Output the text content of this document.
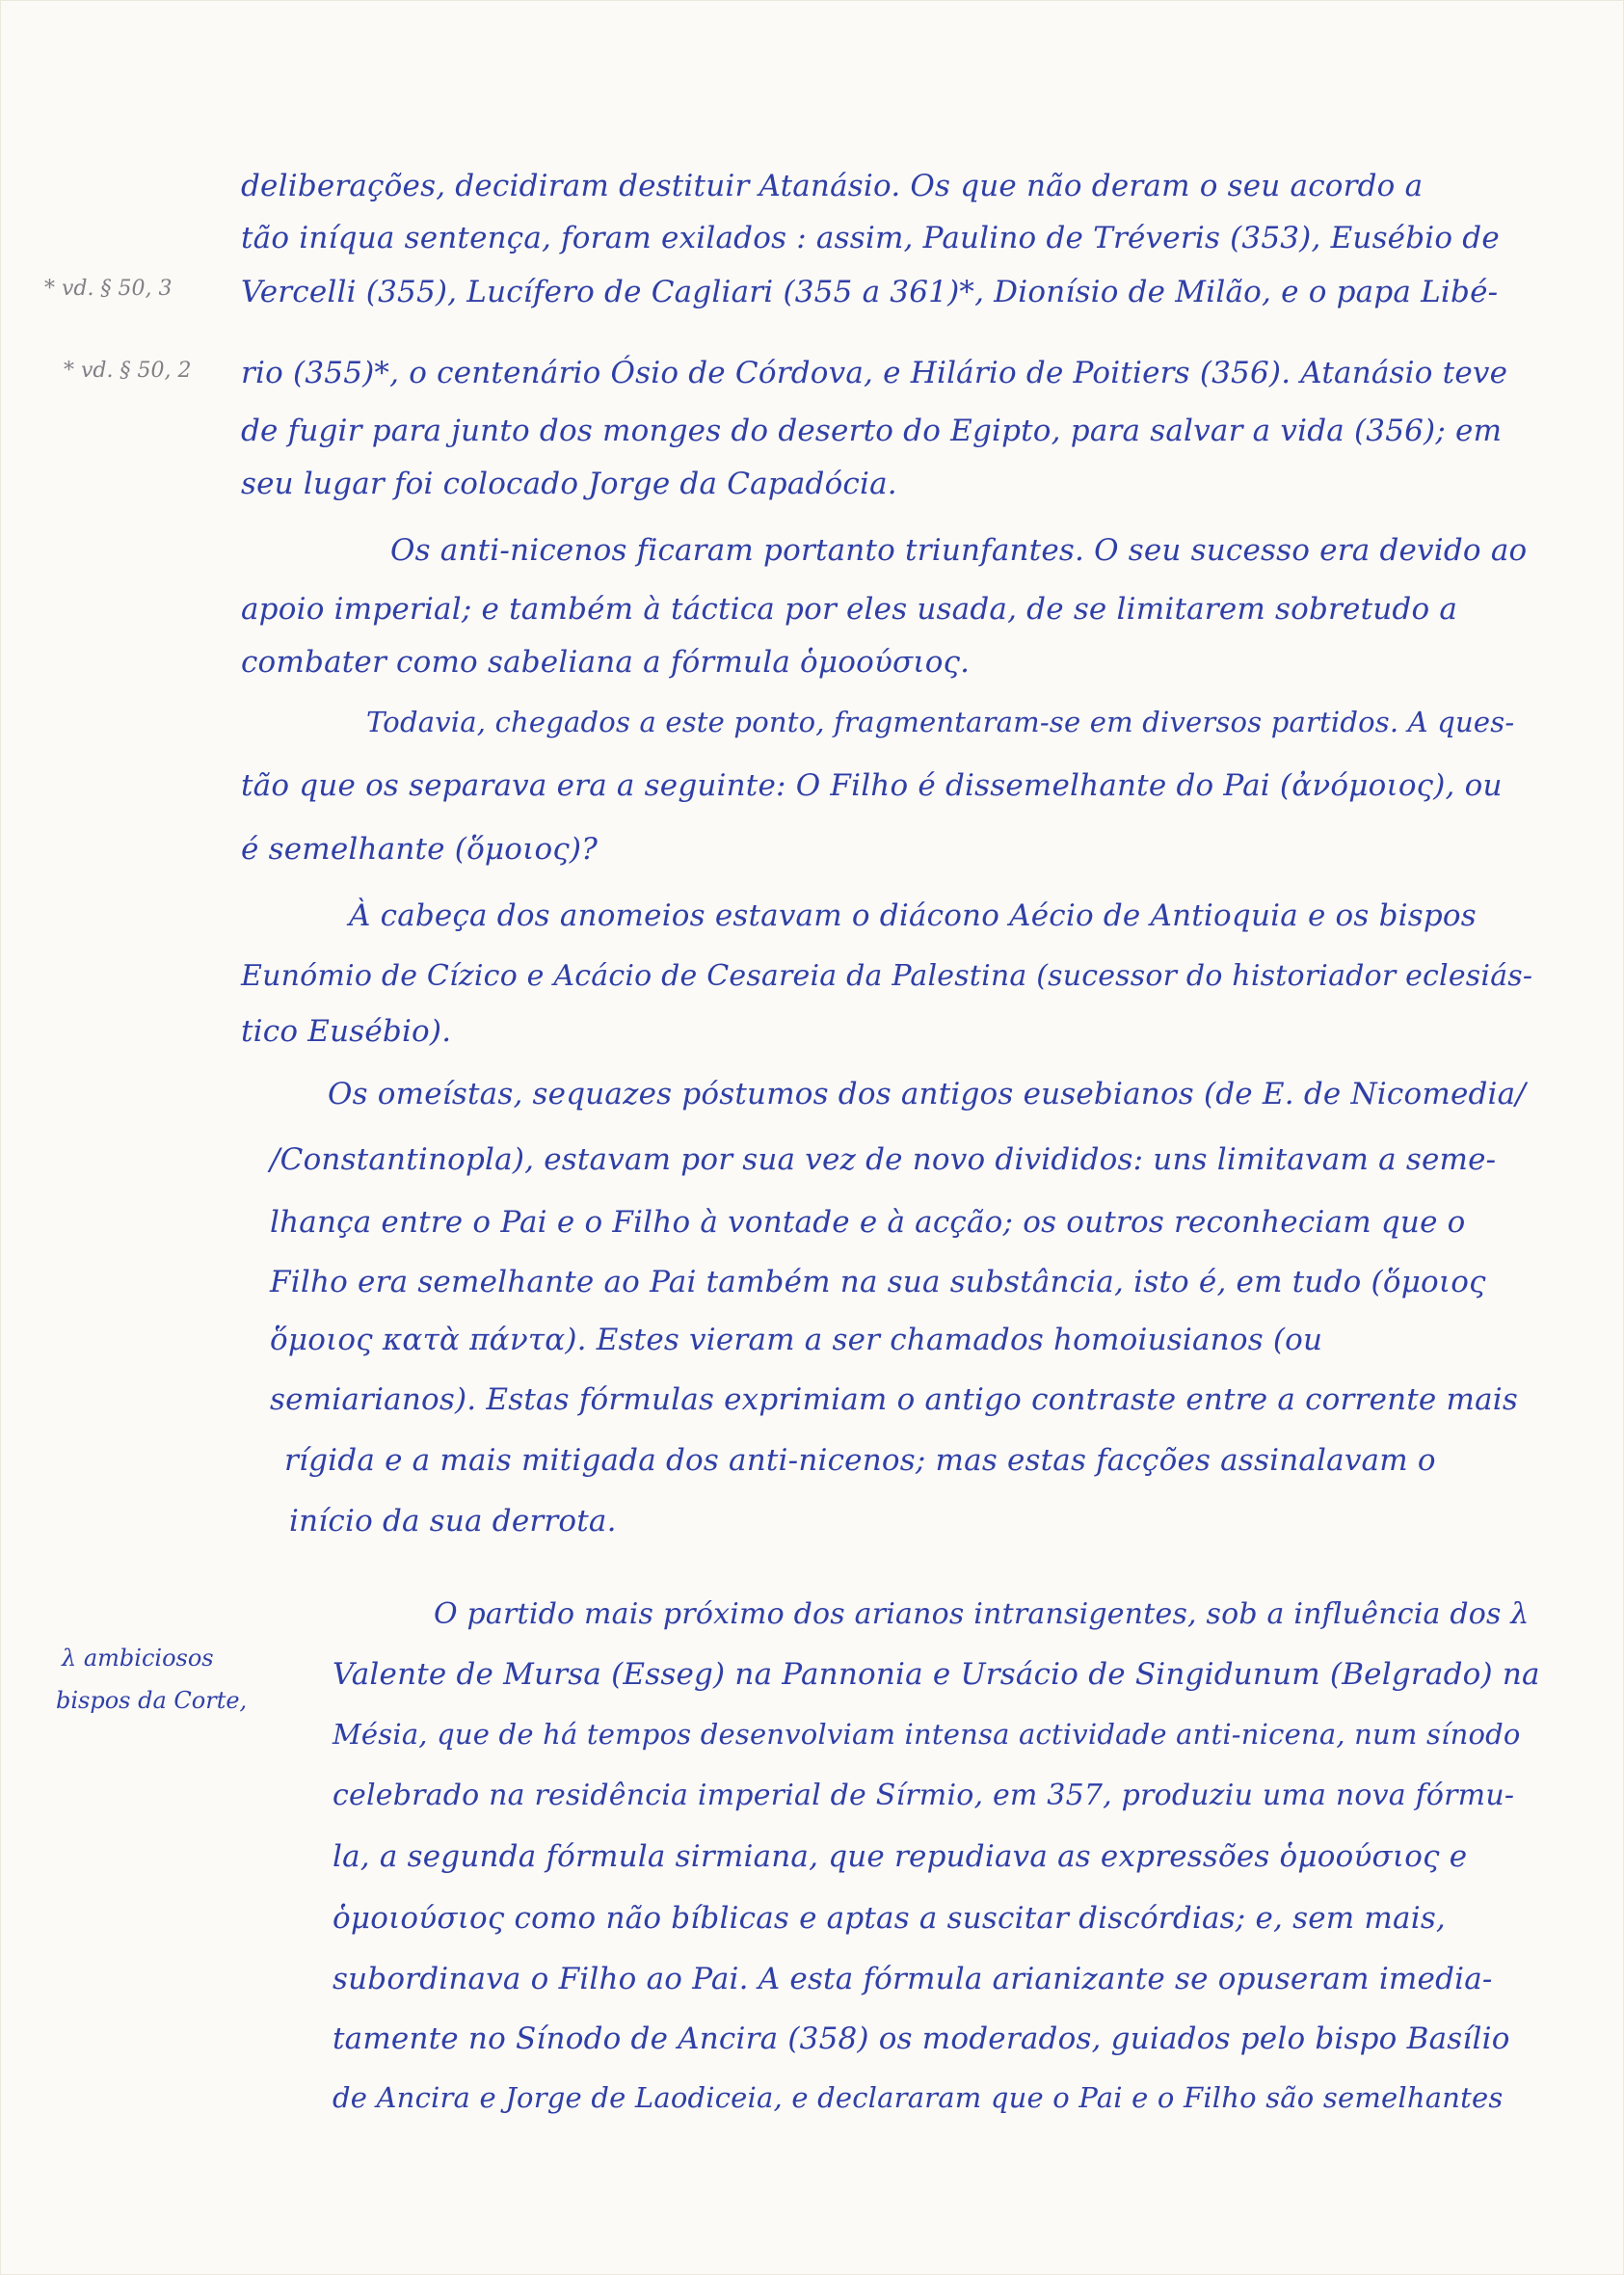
* vd. § 50, 3
* vd. § 50, 2
λ ambiciosos
bispos da Corte,
deliberações, decidiram destituir Atanásio. Os que não deram o seu acordo a
tão iníqua sentença, foram exilados : assim, Paulino de Tréveris (353), Eusébio de
Vercelli (355), Lucífero de Cagliari (355 a 361)*, Dionísio de Milão, e o papa Libé-
rio (355)*, o centenário Ósio de Córdova, e Hilário de Poitiers (356). Atanásio teve
de fugir para junto dos monges do deserto do Egipto, para salvar a vida (356); em
seu lugar foi colocado Jorge da Capadócia.
Os anti-nicenos ficaram portanto triunfantes. O seu sucesso era devido ao
apoio imperial; e também à táctica por eles usada, de se limitarem sobretudo a
combater como sabeliana a fórmula ὁμοούσιος.
Todavia, chegados a este ponto, fragmentaram-se em diversos partidos. A ques-
tão que os separava era a seguinte: O Filho é dissemelhante do Pai (ἀνόμοιος), ou
é semelhante (ὅμοιος)?
À cabeça dos anomeios estavam o diácono Aécio de Antioquia e os bispos
Eunómio de Cízico e Acácio de Cesareia da Palestina (sucessor do historiador eclesiás-
tico Eusébio).
Os omeístas, sequazes póstumos dos antigos eusebianos (de E. de Nicomedia/
/Constantinopla), estavam por sua vez de novo divididos: uns limitavam a seme-
lhança entre o Pai e o Filho à vontade e à acção; os outros reconheciam que o
Filho era semelhante ao Pai também na sua substância, isto é, em tudo (ὅμοιος
ὅμοιος κατὰ πάντα). Estes vieram a ser chamados homoiusianos (ou
semiarianos). Estas fórmulas exprimiam o antigo contraste entre a corrente mais
rígida e a mais mitigada dos anti-nicenos; mas estas facções assinalavam o
início da sua derrota.
O partido mais próximo dos arianos intransigentes, sob a influência dos λ
Valente de Mursa (Esseg) na Pannonia e Ursácio de Singidunum (Belgrado) na
Mésia, que de há tempos desenvolviam intensa actividade anti-nicena, num sínodo
celebrado na residência imperial de Sírmio, em 357, produziu uma nova fórmu-
la, a segunda fórmula sirmiana, que repudiava as expressões ὁμοούσιος e
ὁμοιούσιος como não bíblicas e aptas a suscitar discórdias; e, sem mais,
subordinava o Filho ao Pai. A esta fórmula arianizante se opuseram imedia-
tamente no Sínodo de Ancira (358) os moderados, guiados pelo bispo Basílio
de Ancira e Jorge de Laodiceia, e declararam que o Pai e o Filho são semelhantes
